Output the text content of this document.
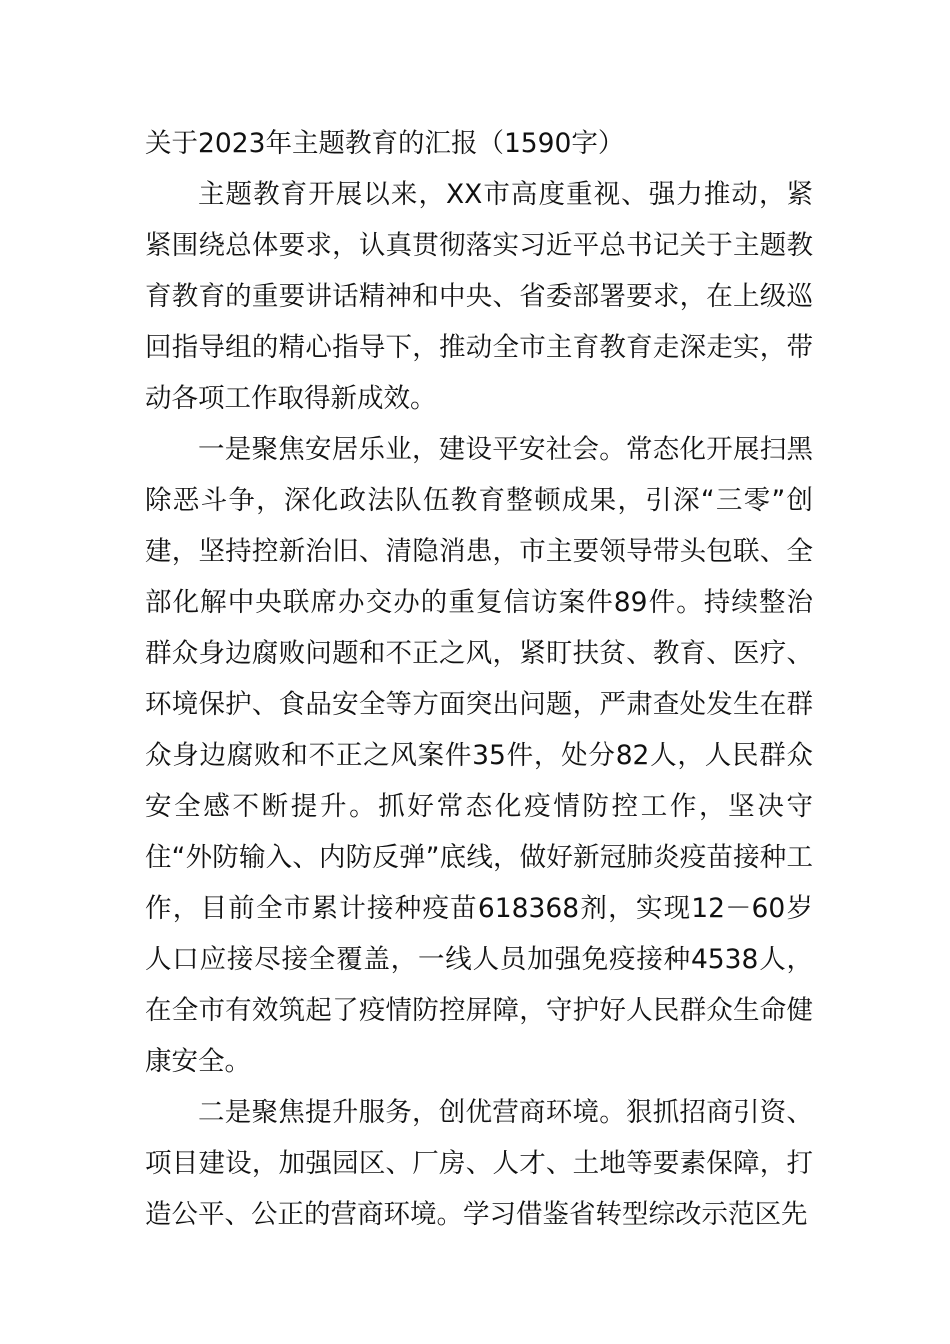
关于2023年主题教育的汇报（1590字）

主题教育开展以来，XX市高度重视、强力推动，紧紧围绕总体要求，认真贯彻落实习近平总书记关于主题教育教育的重要讲话精神和中央、省委部署要求，在上级巡回指导组的精心指导下，推动全市主育教育走深走实，带动各项工作取得新成效。

一是聚焦安居乐业，建设平安社会。常态化开展扫黑除恶斗争，深化政法队伍教育整顿成果，引深“三零”创建，坚持控新治旧、清隐消患，市主要领导带头包联、全部化解中央联席办交办的重复信访案件89件。持续整治群众身边腐败问题和不正之风，紧盯扶贫、教育、医疗、环境保护、食品安全等方面突出问题，严肃查处发生在群众身边腐败和不正之风案件35件，处分82人，人民群众安全感不断提升。抓好常态化疫情防控工作，坚决守住“外防输入、内防反弹”底线，做好新冠肺炎疫苗接种工作，目前全市累计接种疫苗618368剂，实现12－60岁人口应接尽接全覆盖，一线人员加强免疫接种4538人，在全市有效筑起了疫情防控屏障，守护好人民群众生命健康安全。

二是聚焦提升服务，创优营商环境。狠抓招商引资、项目建设，加强园区、厂房、人才、土地等要素保障，打造公平、公正的营商环境。学习借鉴省转型综改示范区先
